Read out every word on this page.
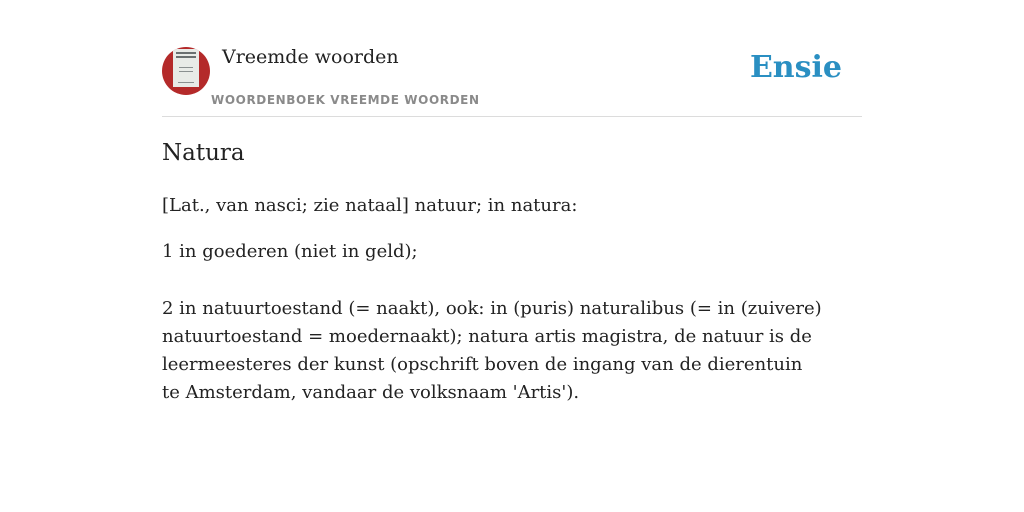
Vreemde woorden
WOORDENBOEK VREEMDE WOORDEN
Ensie
Natura
[Lat., van nasci; zie nataal] natuur; in natura:
1 in goederen (niet in geld);
2 in natuurtoestand (= naakt), ook: in (puris) naturalibus (= in (zuivere) natuurtoestand = moedernaakt); natura artis magistra, de natuur is de leermeesteres der kunst (opschrift boven de ingang van de dierentuin te Amsterdam, vandaar de volksnaam 'Artis').
